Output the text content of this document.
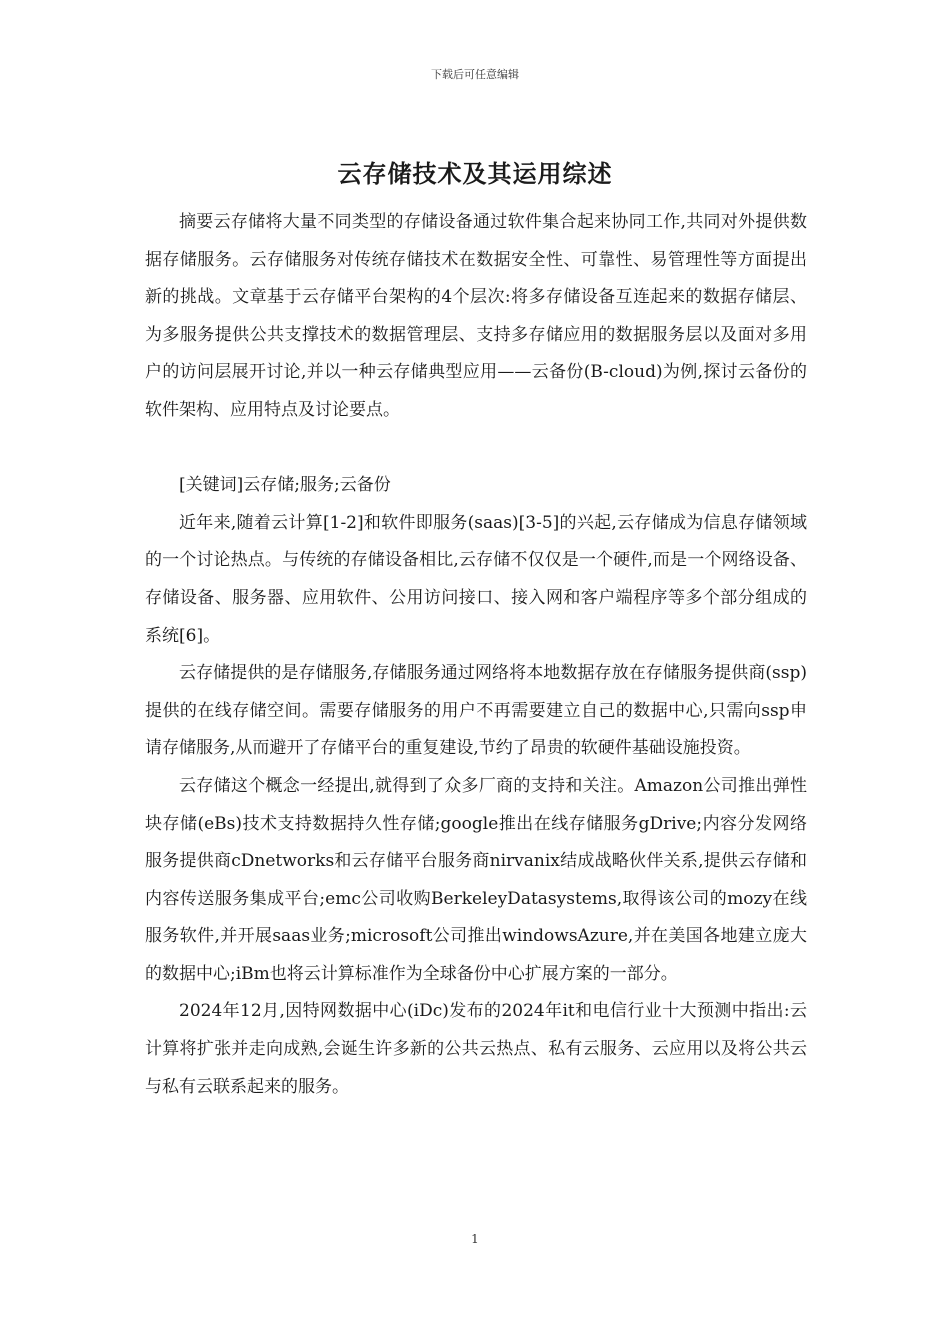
下载后可任意编辑
云存储技术及其运用综述

摘要云存储将大量不同类型的存储设备通过软件集合起来协同工作,共同对外提供数据存储服务。云存储服务对传统存储技术在数据安全性、可靠性、易管理性等方面提出新的挑战。文章基于云存储平台架构的4个层次:将多存储设备互连起来的数据存储层、为多服务提供公共支撑技术的数据管理层、支持多存储应用的数据服务层以及面对多用户的访问层展开讨论,并以一种云存储典型应用——云备份(B-cloud)为例,探讨云备份的软件架构、应用特点及讨论要点。

[关键词]云存储;服务;云备份

近年来,随着云计算[1-2]和软件即服务(saas)[3-5]的兴起,云存储成为信息存储领域的一个讨论热点。与传统的存储设备相比,云存储不仅仅是一个硬件,而是一个网络设备、存储设备、服务器、应用软件、公用访问接口、接入网和客户端程序等多个部分组成的系统[6]。

云存储提供的是存储服务,存储服务通过网络将本地数据存放在存储服务提供商(ssp)提供的在线存储空间。需要存储服务的用户不再需要建立自己的数据中心,只需向ssp申请存储服务,从而避开了存储平台的重复建设,节约了昂贵的软硬件基础设施投资。

云存储这个概念一经提出,就得到了众多厂商的支持和关注。Amazon公司推出弹性块存储(eBs)技术支持数据持久性存储;google推出在线存储服务gDrive;内容分发网络服务提供商cDnetworks和云存储平台服务商nirvanix结成战略伙伴关系,提供云存储和内容传送服务集成平台;emc公司收购BerkeleyDatasystems,取得该公司的mozy在线服务软件,并开展saas业务;microsoft公司推出windowsAzure,并在美国各地建立庞大的数据中心;iBm也将云计算标准作为全球备份中心扩展方案的一部分。

2024年12月,因特网数据中心(iDc)发布的2024年it和电信行业十大预测中指出:云计算将扩张并走向成熟,会诞生许多新的公共云热点、私有云服务、云应用以及将公共云与私有云联系起来的服务。

1
